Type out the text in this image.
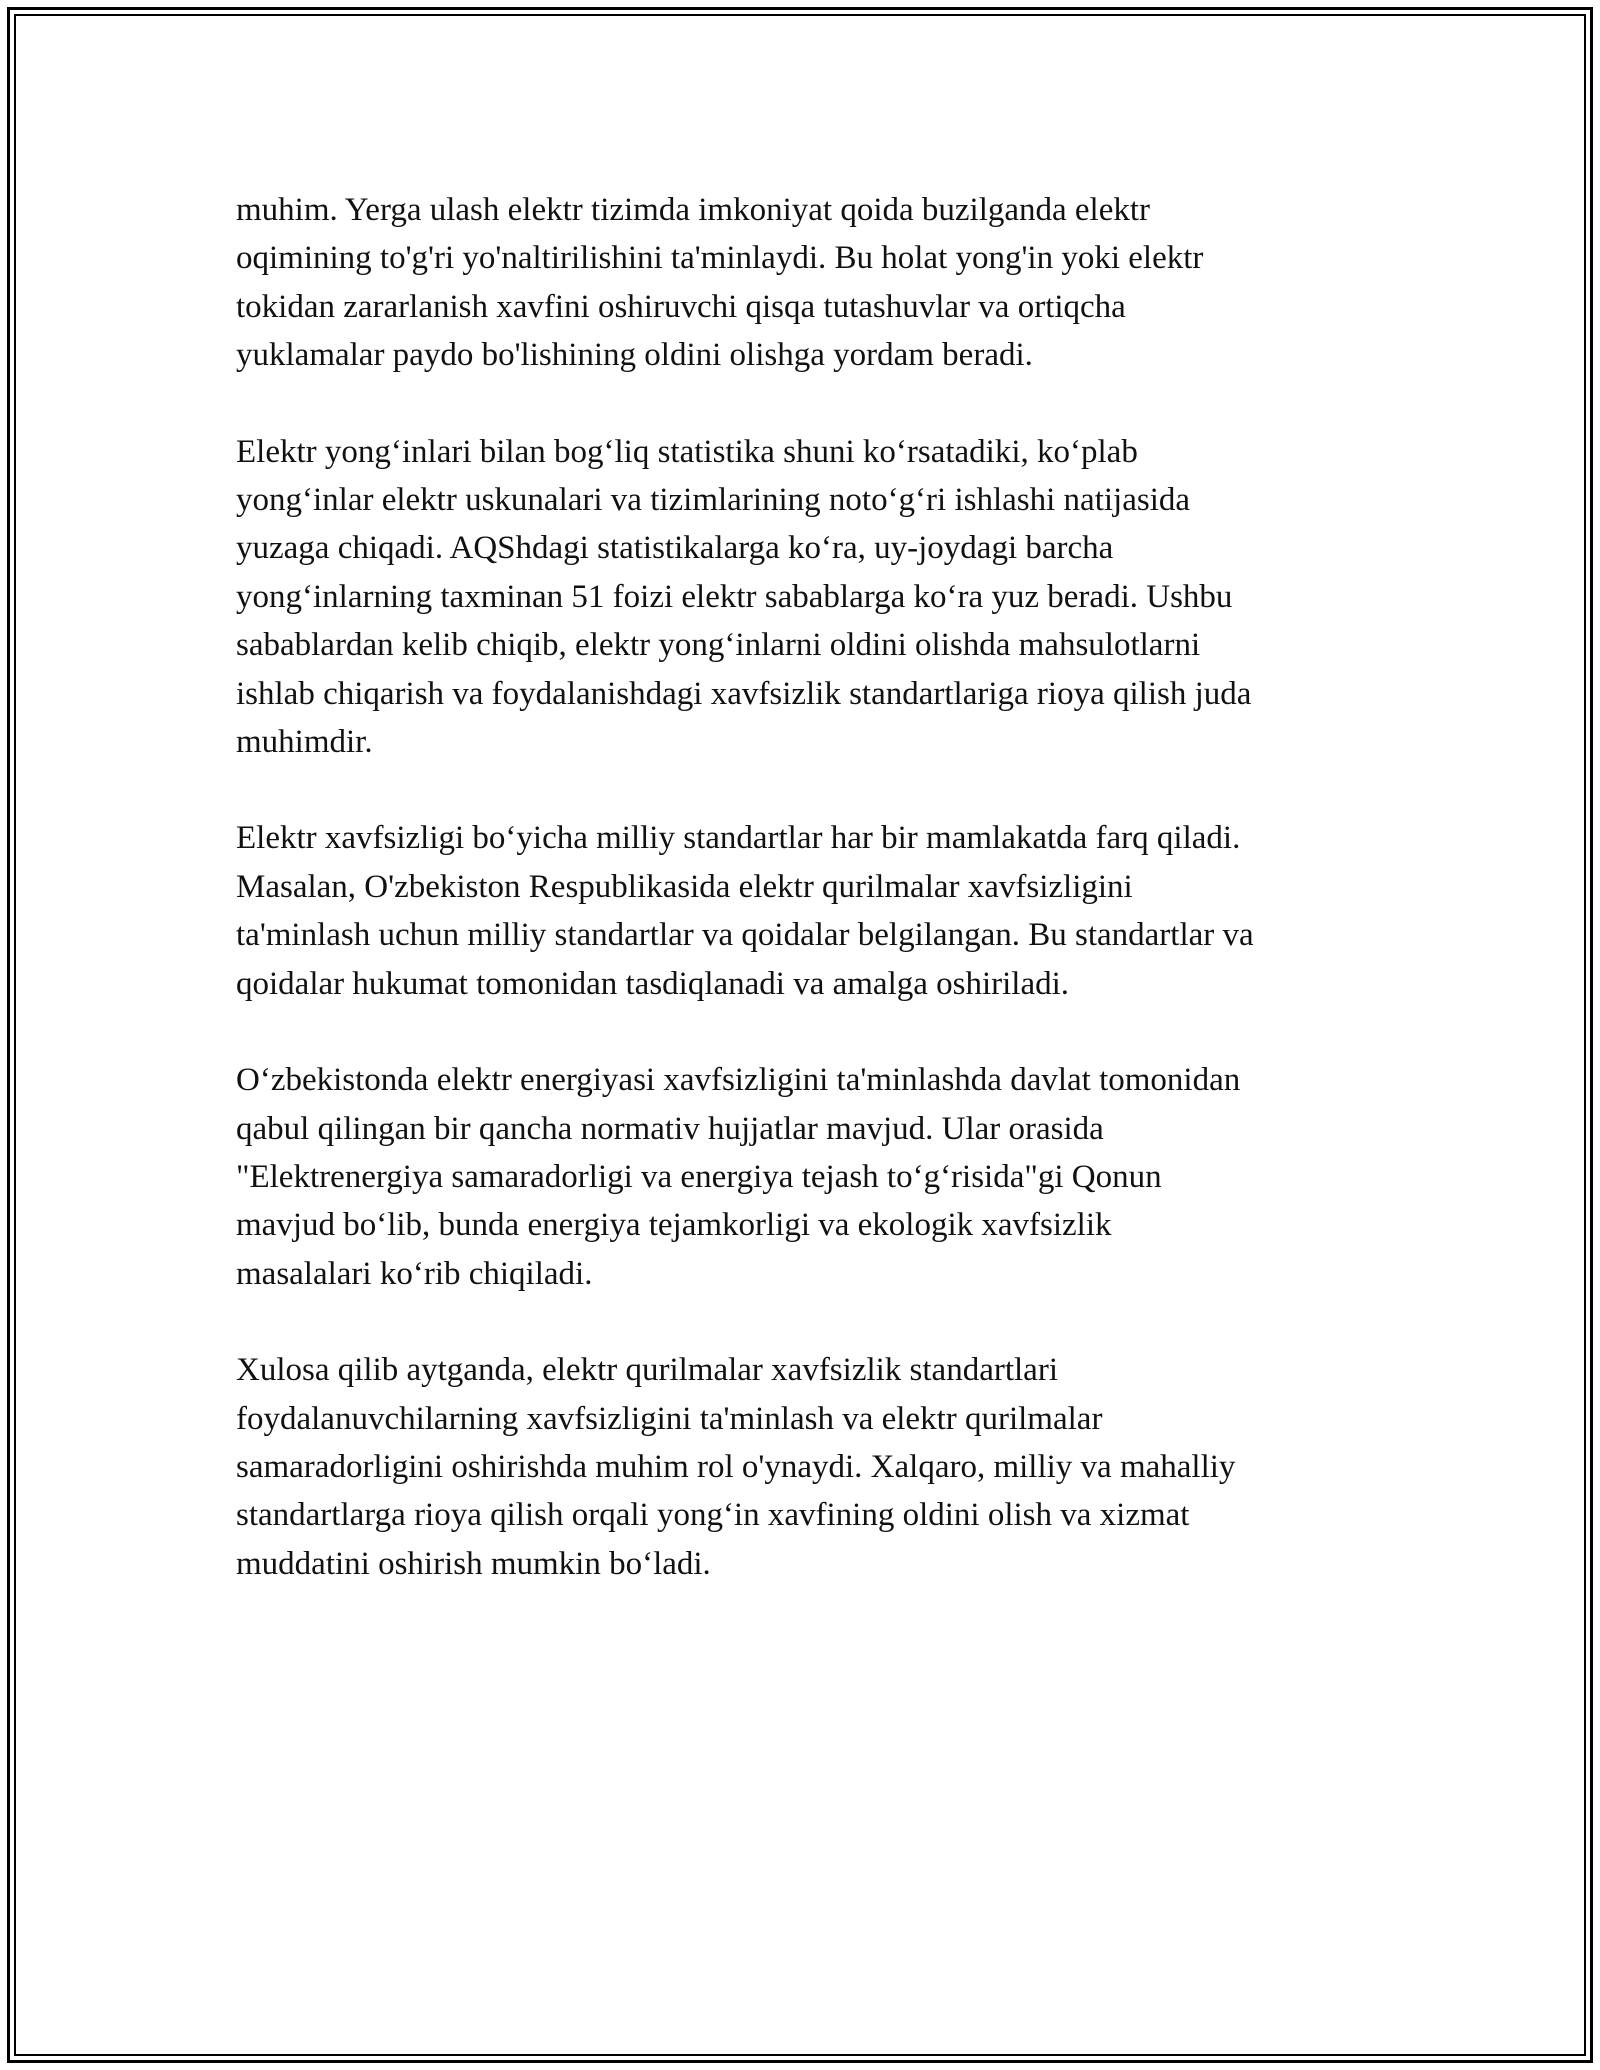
muhim. Yerga ulash elektr tizimda imkoniyat qoida buzilganda elektr
oqimining to'g'ri yo'naltirilishini ta'minlaydi. Bu holat yong'in yoki elektr
tokidan zararlanish xavfini oshiruvchi qisqa tutashuvlar va ortiqcha
yuklamalar paydo bo'lishining oldini olishga yordam beradi.

Elektr yong‘inlari bilan bog‘liq statistika shuni ko‘rsatadiki, ko‘plab
yong‘inlar elektr uskunalari va tizimlarining noto‘g‘ri ishlashi natijasida
yuzaga chiqadi. AQShdagi statistikalarga ko‘ra, uy-joydagi barcha
yong‘inlarning taxminan 51 foizi elektr sabablarga ko‘ra yuz beradi. Ushbu
sabablardan kelib chiqib, elektr yong‘inlarni oldini olishda mahsulotlarni
ishlab chiqarish va foydalanishdagi xavfsizlik standartlariga rioya qilish juda
muhimdir.

Elektr xavfsizligi bo‘yicha milliy standartlar har bir mamlakatda farq qiladi.
Masalan, O'zbekiston Respublikasida elektr qurilmalar xavfsizligini
ta'minlash uchun milliy standartlar va qoidalar belgilangan. Bu standartlar va
qoidalar hukumat tomonidan tasdiqlanadi va amalga oshiriladi.

O‘zbekistonda elektr energiyasi xavfsizligini ta'minlashda davlat tomonidan
qabul qilingan bir qancha normativ hujjatlar mavjud. Ular orasida
"Elektrenergiya samaradorligi va energiya tejash to‘g‘risida"gi Qonun
mavjud bo‘lib, bunda energiya tejamkorligi va ekologik xavfsizlik
masalalari ko‘rib chiqiladi.

Xulosa qilib aytganda, elektr qurilmalar xavfsizlik standartlari
foydalanuvchilarning xavfsizligini ta'minlash va elektr qurilmalar
samaradorligini oshirishda muhim rol o'ynaydi. Xalqaro, milliy va mahalliy
standartlarga rioya qilish orqali yong‘in xavfining oldini olish va xizmat
muddatini oshirish mumkin bo‘ladi.
